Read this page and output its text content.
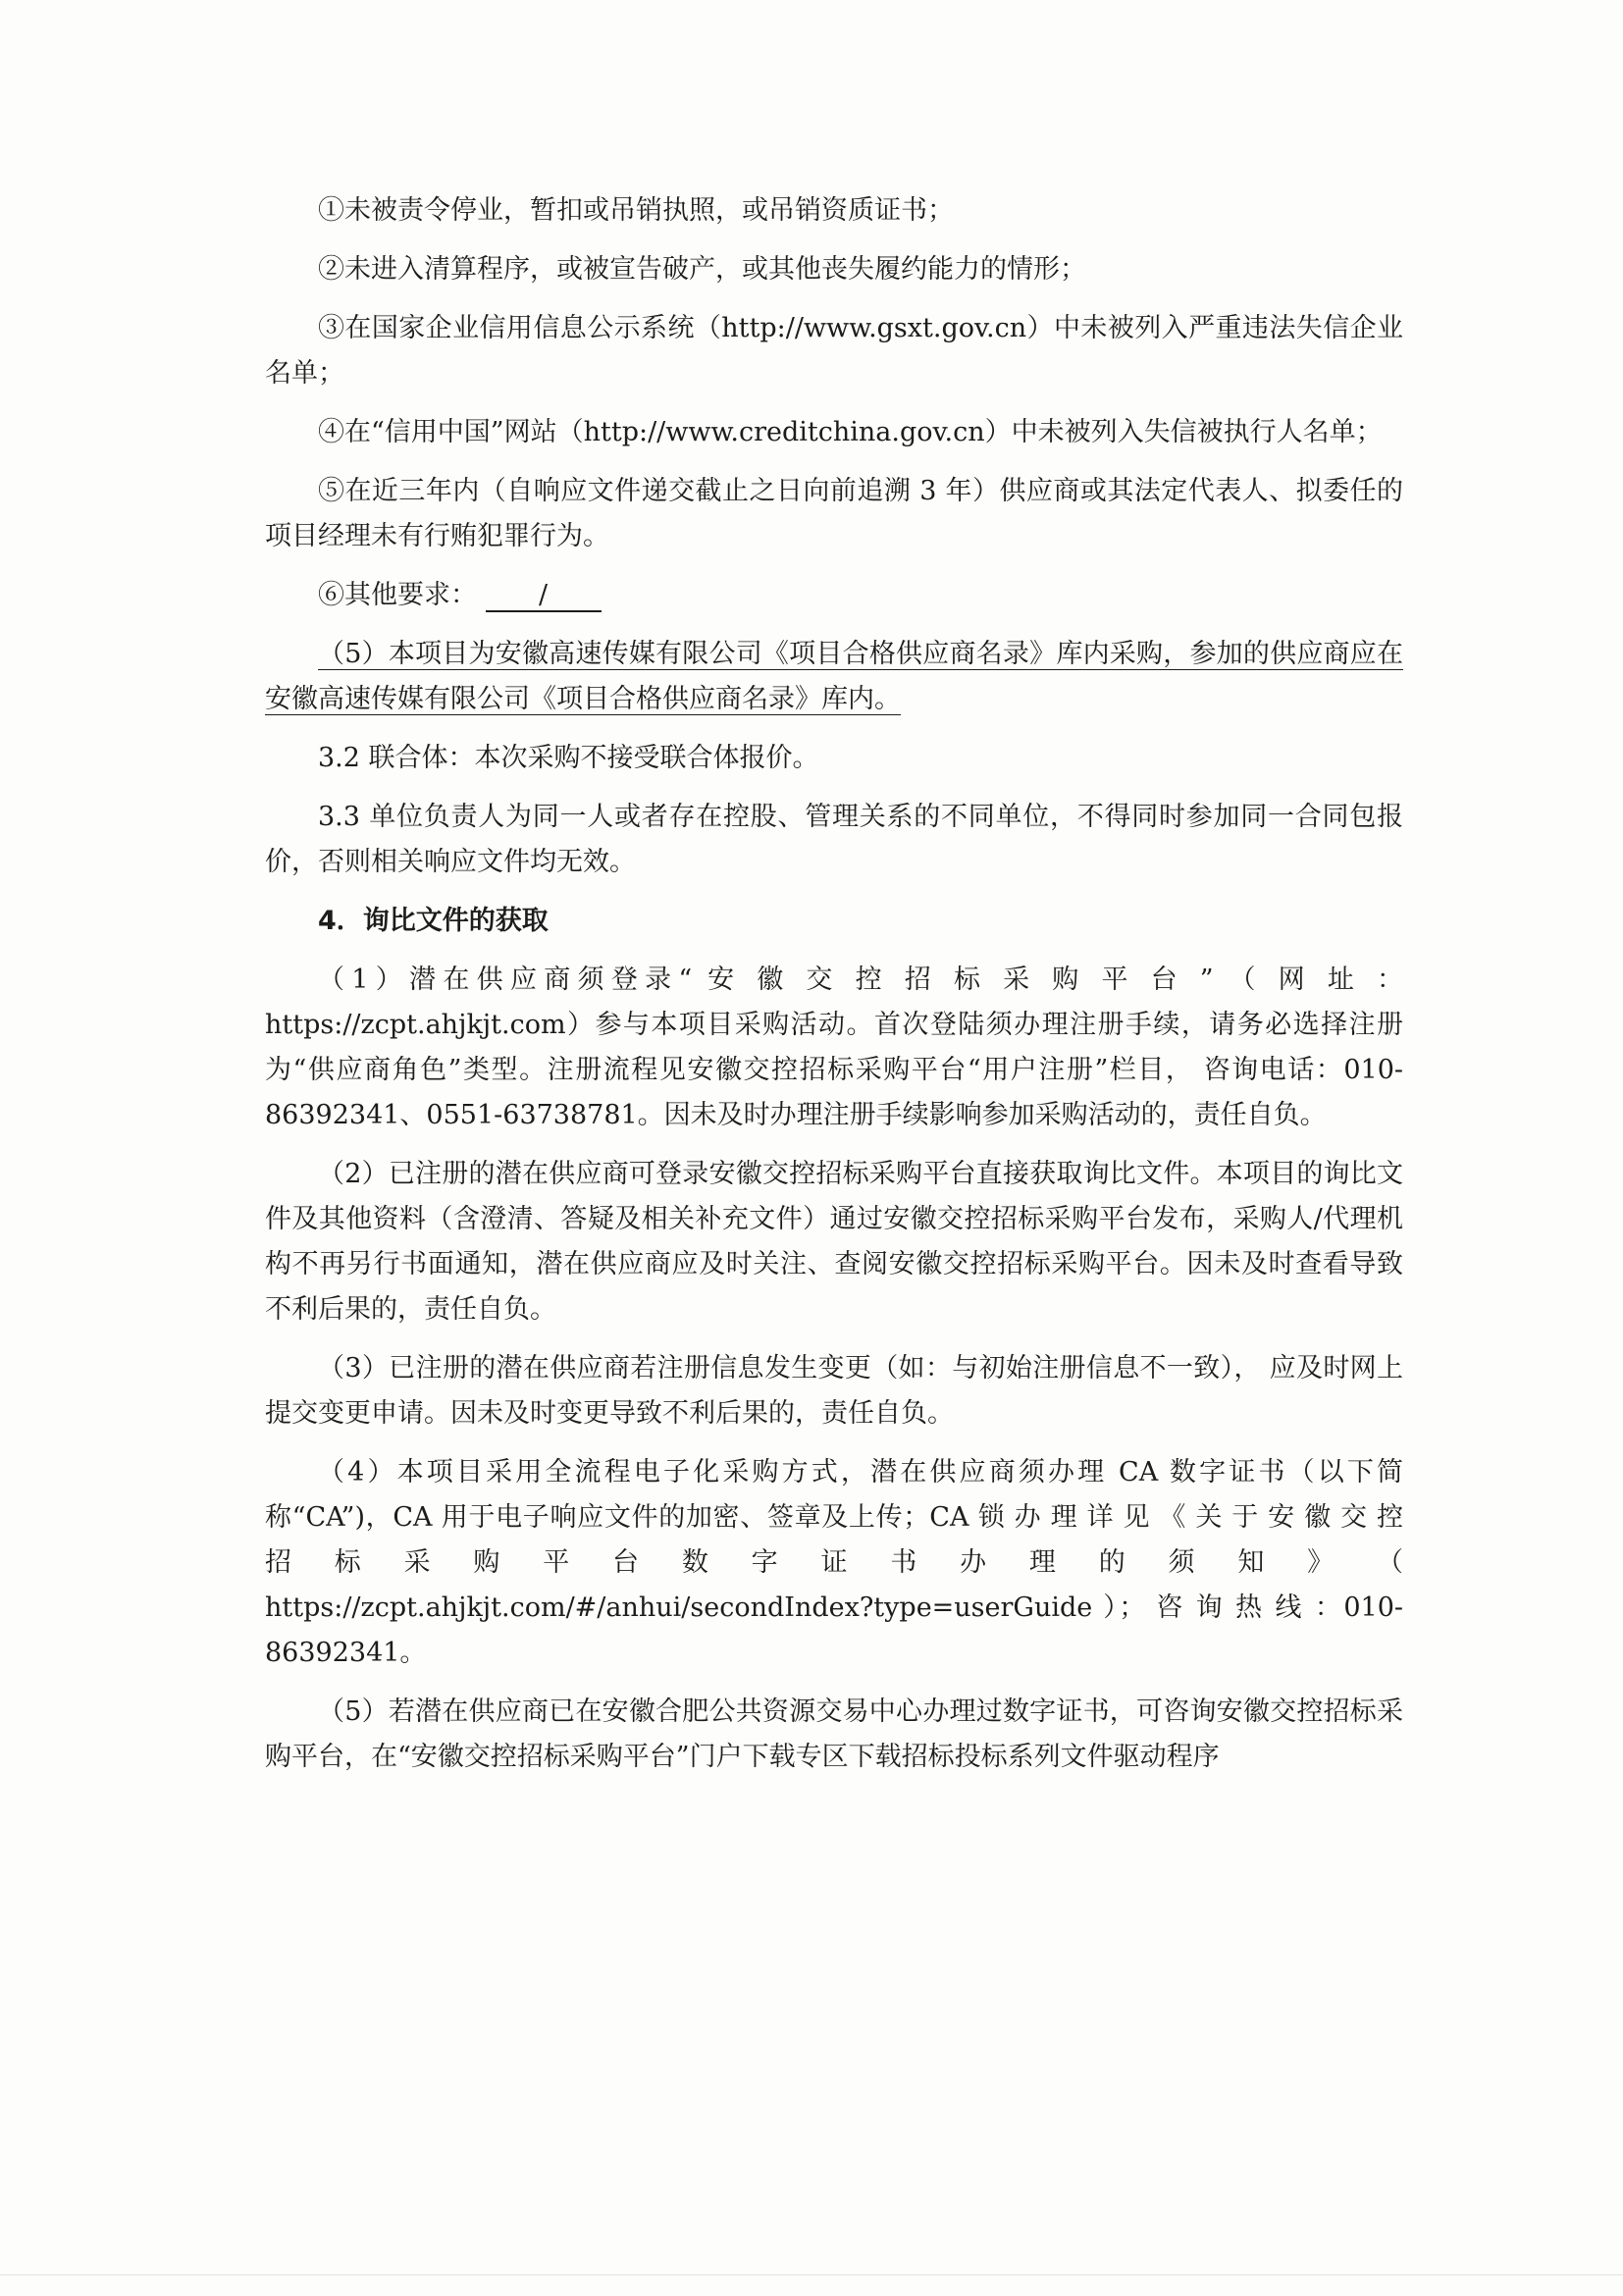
①未被责令停业，暂扣或吊销执照，或吊销资质证书；

②未进入清算程序，或被宣告破产，或其他丧失履约能力的情形；

③在国家企业信用信息公示系统（http://www.gsxt.gov.cn）中未被列入严重违法失信企业名单；

④在“信用中国”网站（http://www.creditchina.gov.cn）中未被列入失信被执行人名单；

⑤在近三年内（自响应文件递交截止之日向前追溯 3 年）供应商或其法定代表人、拟委任的项目经理未有行贿犯罪行为。

⑥其他要求： /

（5）本项目为安徽高速传媒有限公司《项目合格供应商名录》库内采购，参加的供应商应在安徽高速传媒有限公司《项目合格供应商名录》库内。

3.2 联合体：本次采购不接受联合体报价。

3.3 单位负责人为同一人或者存在控股、管理关系的不同单位，不得同时参加同一合同包报价，否则相关响应文件均无效。

4．询比文件的获取

（1）潜在供应商须登录“ 安 徽 交 控 招 标 采 购 平 台 ” （ 网 址 ：https://zcpt.ahjkjt.com）参与本项目采购活动。首次登陆须办理注册手续，请务必选择注册为“供应商角色”类型。注册流程见安徽交控招标采购平台“用户注册”栏目， 咨询电话：010-86392341、0551-63738781。因未及时办理注册手续影响参加采购活动的，责任自负。

（2）已注册的潜在供应商可登录安徽交控招标采购平台直接获取询比文件。本项目的询比文件及其他资料（含澄清、答疑及相关补充文件）通过安徽交控招标采购平台发布，采购人/代理机构不再另行书面通知，潜在供应商应及时关注、查阅安徽交控招标采购平台。因未及时查看导致不利后果的，责任自负。

（3）已注册的潜在供应商若注册信息发生变更（如：与初始注册信息不一致）， 应及时网上提交变更申请。因未及时变更导致不利后果的，责任自负。

（4）本项目采用全流程电子化采购方式，潜在供应商须办理 CA 数字证书（以下简称“CA”)，CA 用于电子响应文件的加密、签章及上传；CA 锁 办 理 详 见 《 关 于 安 徽 交 控 招 标 采 购 平 台 数 字 证 书 办 理 的 须 知 》 （ https://zcpt.ahjkjt.com/#/anhui/secondIndex?type=userGuide ）； 咨 询 热 线 ：010-86392341。

（5）若潜在供应商已在安徽合肥公共资源交易中心办理过数字证书，可咨询安徽交控招标采购平台，在“安徽交控招标采购平台”门户下载专区下载招标投标系列文件驱动程序
